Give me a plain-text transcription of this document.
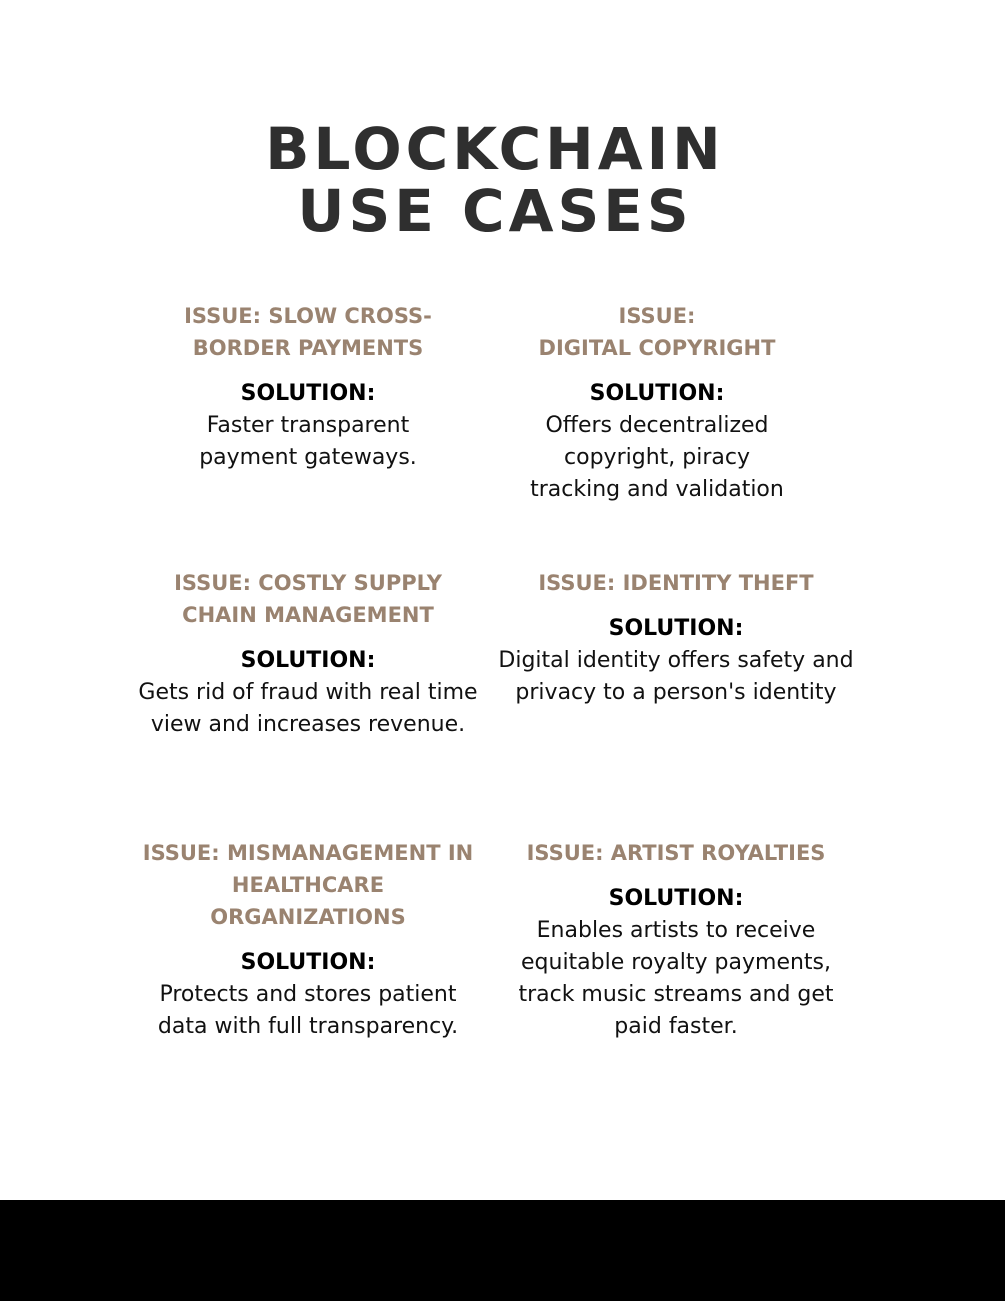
BLOCKCHAIN
USE CASES
ISSUE: SLOW CROSS-
BORDER PAYMENTS
SOLUTION:
Faster transparent
payment gateways.
ISSUE:
DIGITAL COPYRIGHT
SOLUTION:
Offers decentralized
copyright, piracy
tracking and validation
ISSUE: COSTLY SUPPLY
CHAIN MANAGEMENT
SOLUTION:
Gets rid of fraud with real time
view and increases revenue.
ISSUE: IDENTITY THEFT
SOLUTION:
Digital identity offers safety and
privacy to a person's identity
ISSUE: MISMANAGEMENT IN
HEALTHCARE
ORGANIZATIONS
SOLUTION:
Protects and stores patient
data with full transparency.
ISSUE: ARTIST ROYALTIES
SOLUTION:
Enables artists to receive
equitable royalty payments,
track music streams and get
paid faster.
